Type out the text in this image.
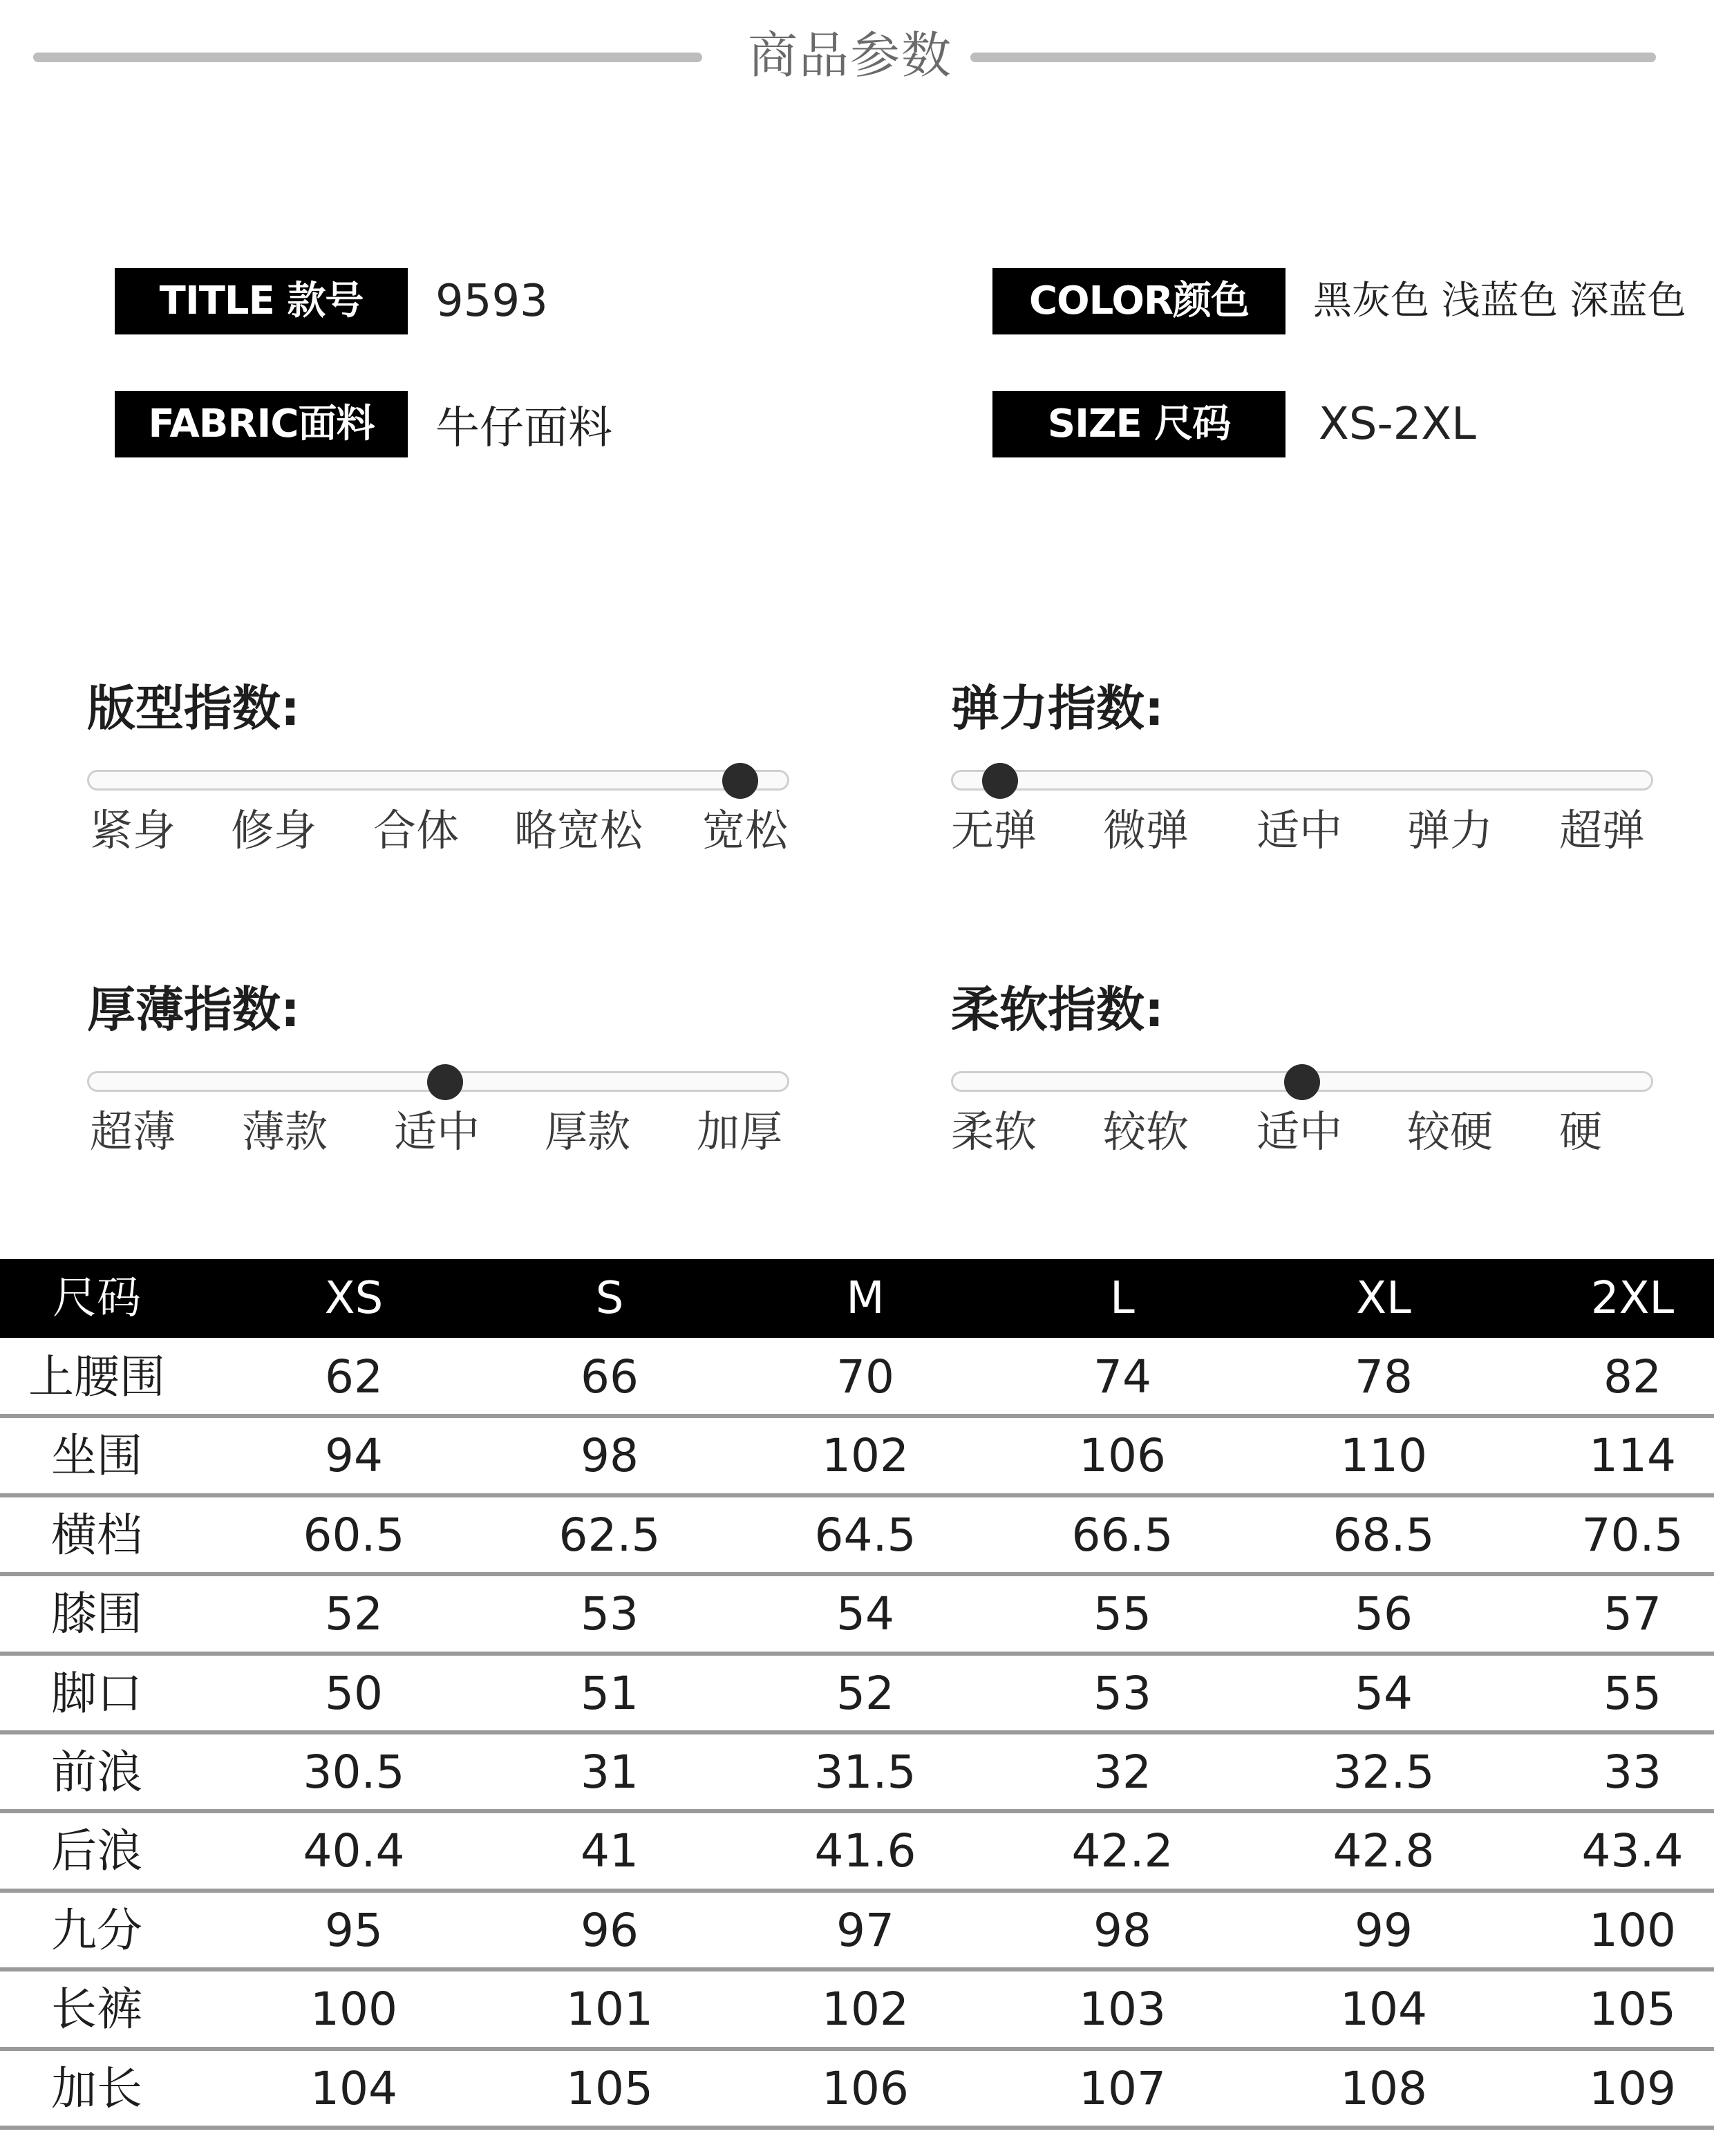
商品参数
TITLE 款号	9593	COLOR颜色	黑灰色 浅蓝色 深蓝色
FABRIC面料	牛仔面料	SIZE 尺码	XS-2XL
版型指数:
紧身 修身 合体 略宽松 宽松
弹力指数:
无弹 微弹 适中 弹力 超弹
厚薄指数:
超薄 薄款 适中 厚款 加厚
柔软指数:
柔软 较软 适中 较硬 硬
尺码	XS	S	M	L	XL	2XL
上腰围	62	66	70	74	78	82
坐围	94	98	102	106	110	114
横档	60.5	62.5	64.5	66.5	68.5	70.5
膝围	52	53	54	55	56	57
脚口	50	51	52	53	54	55
前浪	30.5	31	31.5	32	32.5	33
后浪	40.4	41	41.6	42.2	42.8	43.4
九分	95	96	97	98	99	100
长裤	100	101	102	103	104	105
加长	104	105	106	107	108	109
